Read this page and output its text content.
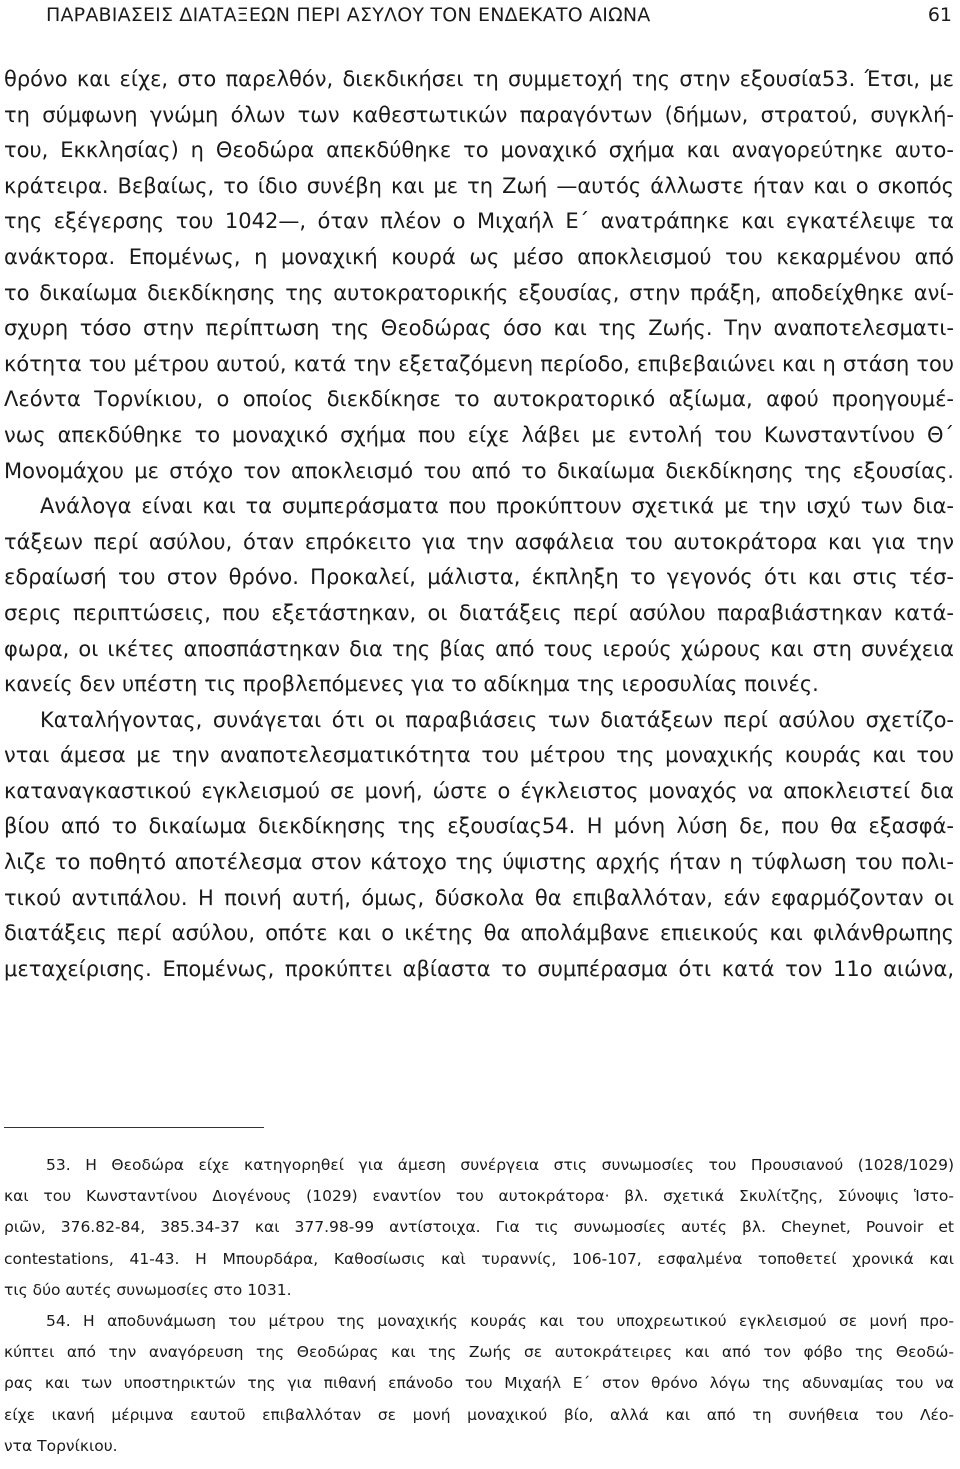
ΠΑΡΑΒΙΑΣΕΙΣ ΔΙΑΤΑΞΕΩΝ ΠΕΡΙ ΑΣΥΛΟΥ ΤΟΝ ΕΝΔΕΚΑΤΟ ΑΙΩΝΑ	61
θρόνο και είχε, στο παρελθόν, διεκδικήσει τη συμμετοχή της στην εξουσία53. Έτσι, με
τη σύμφωνη γνώμη όλων των καθεστωτικών παραγόντων (δήμων, στρατού, συγκλή-
του, Εκκλησίας) η Θεοδώρα απεκδύθηκε το μοναχικό σχήμα και αναγορεύτηκε αυτο-
κράτειρα. Βεβαίως, το ίδιο συνέβη και με τη Ζωή —αυτός άλλωστε ήταν και ο σκοπός
της εξέγερσης του 1042—, όταν πλέον ο Μιχαήλ Ε΄ ανατράπηκε και εγκατέλειψε τα
ανάκτορα. Επομένως, η μοναχική κουρά ως μέσο αποκλεισμού του κεκαρμένου από
το δικαίωμα διεκδίκησης της αυτοκρατορικής εξουσίας, στην πράξη, αποδείχθηκε ανί-
σχυρη τόσο στην περίπτωση της Θεοδώρας όσο και της Ζωής. Την αναποτελεσματι-
κότητα του μέτρου αυτού, κατά την εξεταζόμενη περίοδο, επιβεβαιώνει και η στάση του
Λεόντα Τορνίκιου, ο οποίος διεκδίκησε το αυτοκρατορικό αξίωμα, αφού προηγουμέ-
νως απεκδύθηκε το μοναχικό σχήμα που είχε λάβει με εντολή του Κωνσταντίνου Θ΄
Μονομάχου με στόχο τον αποκλεισμό του από το δικαίωμα διεκδίκησης της εξουσίας.
Ανάλογα είναι και τα συμπεράσματα που προκύπτουν σχετικά με την ισχύ των δια-
τάξεων περί ασύλου, όταν επρόκειτο για την ασφάλεια του αυτοκράτορα και για την
εδραίωσή του στον θρόνο. Προκαλεί, μάλιστα, έκπληξη το γεγονός ότι και στις τέσ-
σερις περιπτώσεις, που εξετάστηκαν, οι διατάξεις περί ασύλου παραβιάστηκαν κατά-
φωρα, οι ικέτες αποσπάστηκαν δια της βίας από τους ιερούς χώρους και στη συνέχεια
κανείς δεν υπέστη τις προβλεπόμενες για το αδίκημα της ιεροσυλίας ποινές.
Καταλήγοντας, συνάγεται ότι οι παραβιάσεις των διατάξεων περί ασύλου σχετίζο-
νται άμεσα με την αναποτελεσματικότητα του μέτρου της μοναχικής κουράς και του
καταναγκαστικού εγκλεισμού σε μονή, ώστε ο έγκλειστος μοναχός να αποκλειστεί δια
βίου από το δικαίωμα διεκδίκησης της εξουσίας54. Η μόνη λύση δε, που θα εξασφά-
λιζε το ποθητό αποτέλεσμα στον κάτοχο της ύψιστης αρχής ήταν η τύφλωση του πολι-
τικού αντιπάλου. Η ποινή αυτή, όμως, δύσκολα θα επιβαλλόταν, εάν εφαρμόζονταν οι
διατάξεις περί ασύλου, οπότε και ο ικέτης θα απολάμβανε επιεικούς και φιλάνθρωπης
μεταχείρισης. Επομένως, προκύπτει αβίαστα το συμπέρασμα ότι κατά τον 11ο αιώνα,
53. Η Θεοδώρα είχε κατηγορηθεί για άμεση συνέργεια στις συνωμοσίες του Προυσιανού (1028/1029)
και του Κωνσταντίνου Διογένους (1029) εναντίον του αυτοκράτορα· βλ. σχετικά Σκυλίτζης, Σύνοψις Ἱστο-
ριῶν, 376.82-84, 385.34-37 και 377.98-99 αντίστοιχα. Για τις συνωμοσίες αυτές βλ. Cheynet, Pouvoir et
contestations, 41-43. Η Μπουρδάρα, Καθοσίωσις καὶ τυραννίς, 106-107, εσφαλμένα τοποθετεί χρονικά και
τις δύο αυτές συνωμοσίες στο 1031.
54. Η αποδυνάμωση του μέτρου της μοναχικής κουράς και του υποχρεωτικού εγκλεισμού σε μονή προ-
κύπτει από την αναγόρευση της Θεοδώρας και της Ζωής σε αυτοκράτειρες και από τον φόβο της Θεοδώ-
ρας και των υποστηρικτών της για πιθανή επάνοδο του Μιχαήλ Ε΄ στον θρόνο λόγω της αδυναμίας του να
είχε ικανή μέριμνα εαυτοῦ επιβαλλόταν σε μονή μοναχικού βίο, αλλά και από τη συνήθεια του Λέο-
ντα Τορνίκιου.
